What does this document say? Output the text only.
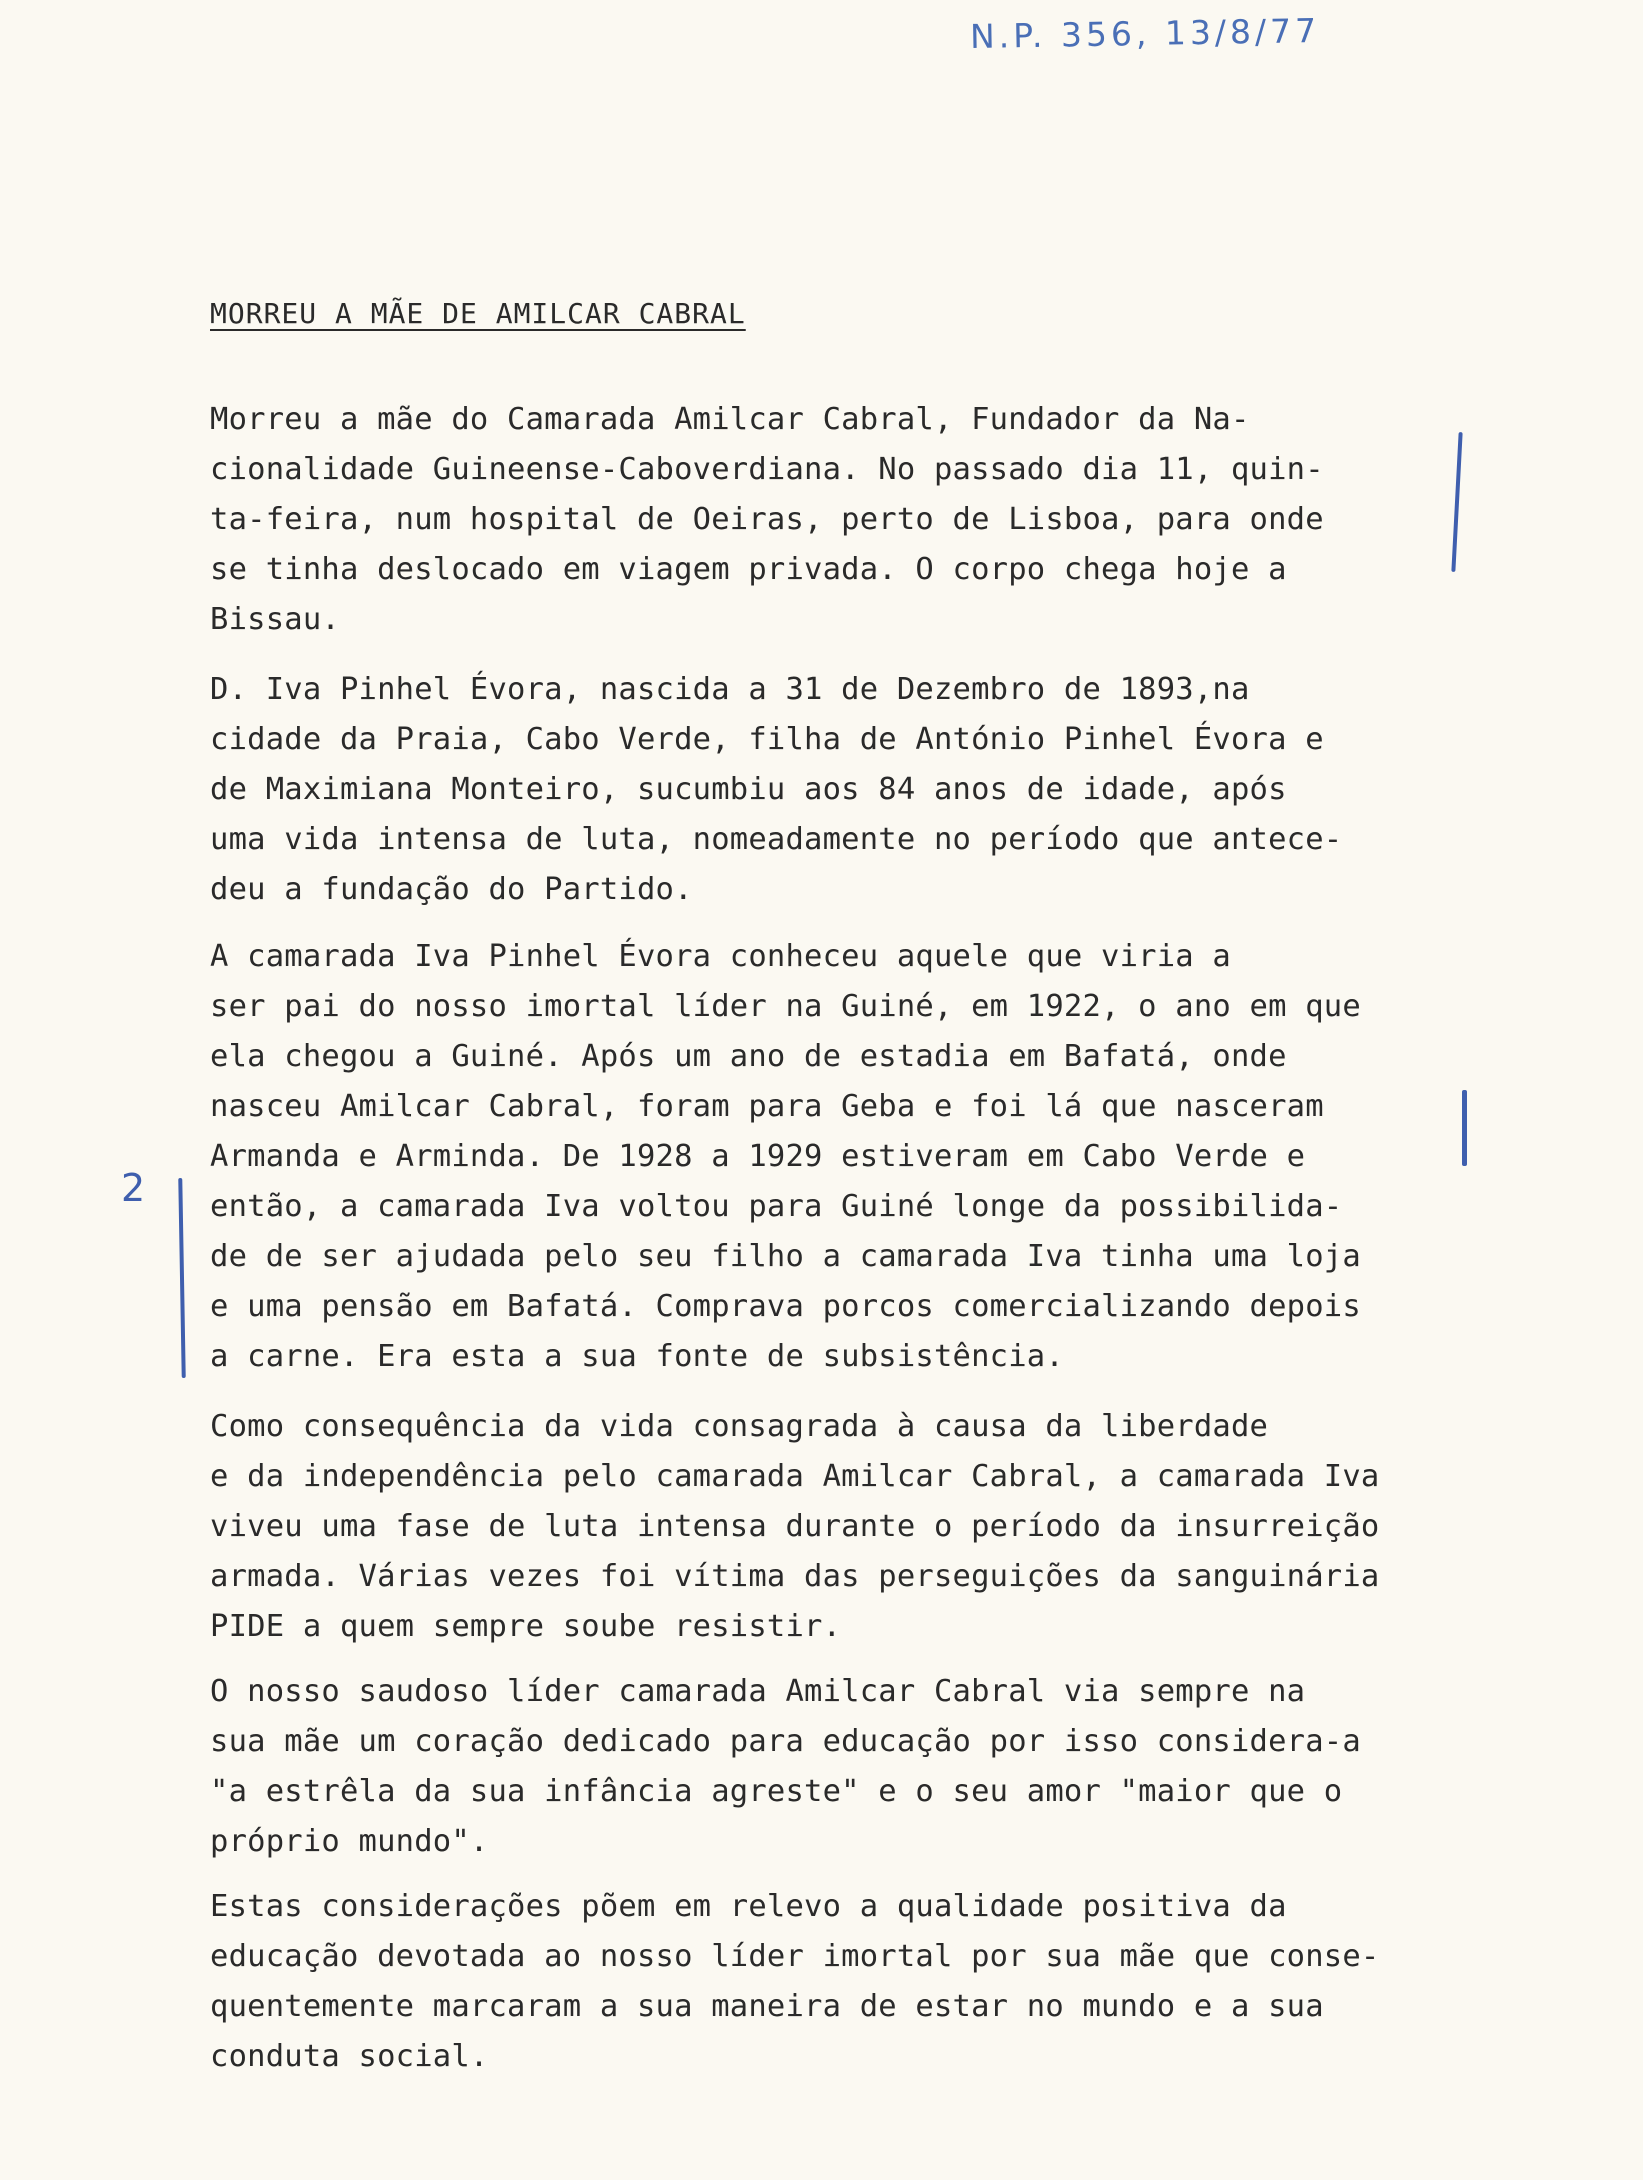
N.P. 356, 13/8/77
MORREU A MÃE DE AMILCAR CABRAL

Morreu a mãe do Camarada Amilcar Cabral, Fundador da Na-
cionalidade Guineense-Caboverdiana. No passado dia 11, quin-
ta-feira, num hospital de Oeiras, perto de Lisboa, para onde
se tinha deslocado em viagem privada. O corpo chega hoje a
Bissau.

D. Iva Pinhel Évora, nascida a 31 de Dezembro de 1893,na
cidade da Praia, Cabo Verde, filha de António Pinhel Évora e
de Maximiana Monteiro, sucumbiu aos 84 anos de idade, após
uma vida intensa de luta, nomeadamente no período que antece-
deu a fundação do Partido.

A camarada Iva Pinhel Évora conheceu aquele que viria a
ser pai do nosso imortal líder na Guiné, em 1922, o ano em que
ela chegou a Guiné. Após um ano de estadia em Bafatá, onde
nasceu Amilcar Cabral, foram para Geba e foi lá que nasceram
Armanda e Arminda. De 1928 a 1929 estiveram em Cabo Verde e
então, a camarada Iva voltou para Guiné longe da possibilida-
de de ser ajudada pelo seu filho a camarada Iva tinha uma loja
e uma pensão em Bafatá. Comprava porcos comercializando depois
a carne. Era esta a sua fonte de subsistência.

Como consequência da vida consagrada à causa da liberdade
e da independência pelo camarada Amilcar Cabral, a camarada Iva
viveu uma fase de luta intensa durante o período da insurreição
armada. Várias vezes foi vítima das perseguições da sanguinária
PIDE a quem sempre soube resistir.

O nosso saudoso líder camarada Amilcar Cabral via sempre na
sua mãe um coração dedicado para educação por isso considera-a
"a estrêla da sua infância agreste" e o seu amor "maior que o
próprio mundo".

Estas considerações põem em relevo a qualidade positiva da
educação devotada ao nosso líder imortal por sua mãe que conse-
quentemente marcaram a sua maneira de estar no mundo e a sua
conduta social.

2
